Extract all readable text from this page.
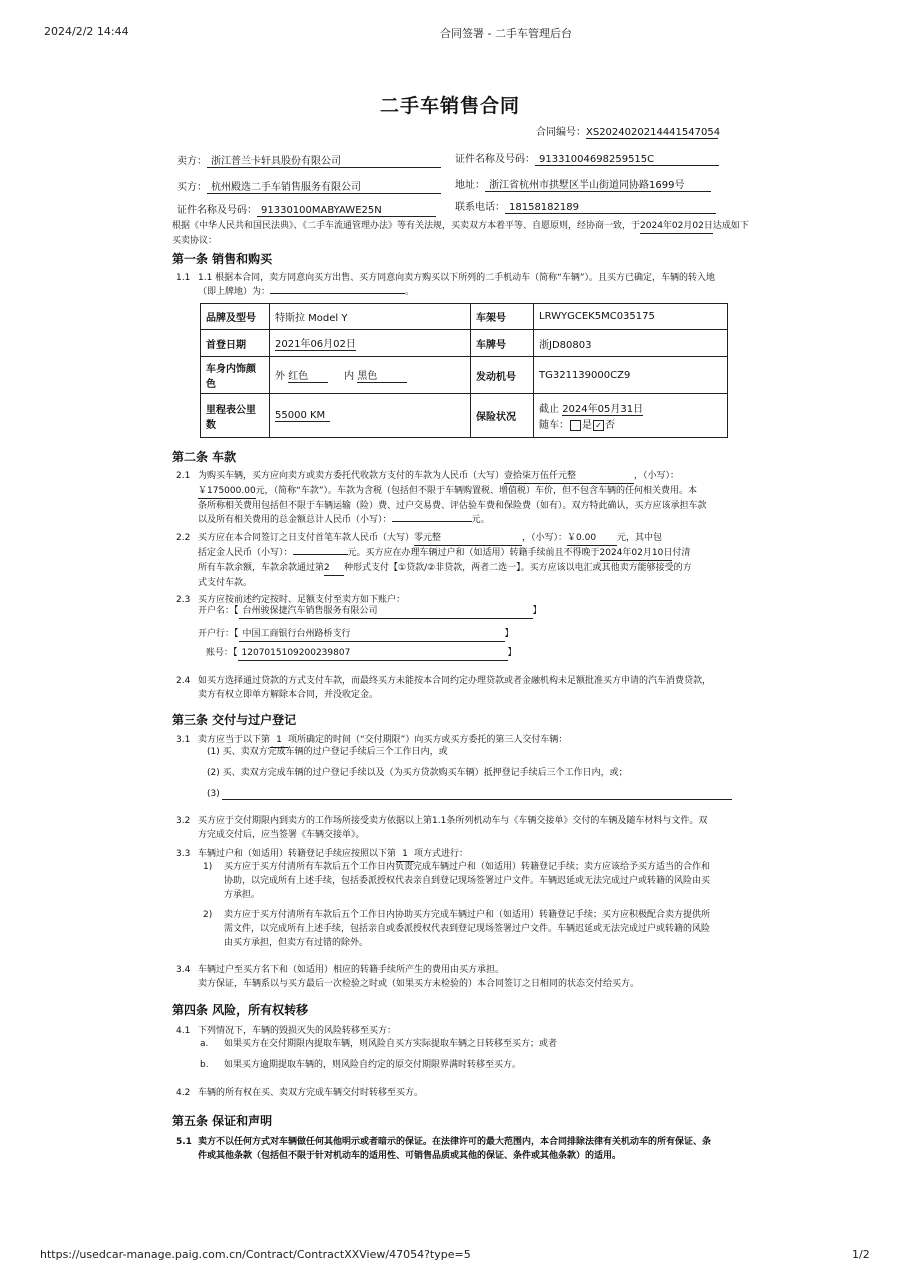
2024/2/2 14:44	合同签署 - 二手车管理后台
二手车销售合同
合同编号：XS2024020214441547054
卖方： 浙江普兰卡轩具股份有限公司	证件名称及号码： 91331004698259515C
买方： 杭州殿选二手车销售服务有限公司	地址： 浙江省杭州市拱墅区半山街道同协路1699号
证件名称及号码： 91330100MABYAWE25N	联系电话： 18158182189
根据《中华人民共和国民法典》、《二手车流通管理办法》等有关法规，买卖双方本着平等、自愿原则，经协商一致，于2024年02月02日达成如下买卖协议：
第一条 销售和购买
1.1 1.1 根据本合同，卖方同意向买方出售、买方同意向卖方购买以下所列的二手机动车（简称“车辆”）。且买方已确定，车辆的转入地（即上牌地）为：	。
品牌及型号	特斯拉 Model Y	车架号	LRWYGCEK5MC035175
首登日期	2021年06月02日	车牌号	浙JD80803
车身内饰颜色	外 红色 内 黑色	发动机号	TG321139000CZ9
里程表公里数	55000 KM	保险状况	截止 2024年05月31日
随车： 是 ✓ 否
第二条 车款
2.1 为购买车辆，买方应向卖方或卖方委托代收款方支付的车款为人民币（大写）壹拾柒万伍仟元整	，（小写）：
￥175000.00元，（简称“车款”）。车款为含税（包括但不限于车辆购置税、增值税）车价，但不包含车辆的任何相关费用。本
条所称相关费用包括但不限于车辆运输（险）费、过户交易费、评估验车费和保险费（如有）。双方特此确认，买方应该承担车款
以及所有相关费用的总金额总计人民币（小写）：	元。
2.2 买方应在本合同签订之日支付首笔车款人民币（大写）零元整	，（小写）：￥0.00 元，其中包
括定金人民币（小写）：	元。买方应在办理车辆过户和（如适用）转籍手续前且不得晚于2024年02月10日付清
所有车款余额，车款余款通过第2 种形式支付【①贷款/②非贷款，两者二选一】。买方应该以电汇或其他卖方能够接受的方
式支付车款。
2.3 买方应按前述约定按时、足额支付至卖方如下账户：
开户名：【 台州骏保捷汽车销售服务有限公司	】
开户行：【 中国工商银行台州路桥支行	】
账号：【 1207015109200239807	】
2.4 如买方选择通过贷款的方式支付车款，而最终买方未能按本合同约定办理贷款或者金融机构未足额批准买方申请的汽车消费贷款，
卖方有权立即单方解除本合同，并没收定金。
第三条 交付与过户登记
3.1 卖方应当于以下第 1 项所确定的时间（“交付期限”）向买方或买方委托的第三人交付车辆：
(1) 买、卖双方完成车辆的过户登记手续后三个工作日内，或
(2) 买、卖双方完成车辆的过户登记手续以及（为买方贷款购买车辆）抵押登记手续后三个工作日内，或；
(3)
3.2 买方应于交付期限内到卖方的工作场所接受卖方依据以上第1.1条所列机动车与《车辆交接单》交付的车辆及随车材料与文件。双
方完成交付后，应当签署《车辆交接单》。
3.3 车辆过户和（如适用）转籍登记手续应按照以下第 1 项方式进行：
1) 买方应于买方付清所有车款后五个工作日内负责完成车辆过户和（如适用）转籍登记手续；卖方应该给予买方适当的合作和
协助，以完成所有上述手续，包括委派授权代表亲自到登记现场签署过户文件。车辆迟延或无法完成过户或转籍的风险由买
方承担。
2) 卖方应于买方付清所有车款后五个工作日内协助买方完成车辆过户和（如适用）转籍登记手续；买方应积极配合卖方提供所
需文件，以完成所有上述手续，包括亲自或委派授权代表到登记现场签署过户文件。车辆迟延或无法完成过户或转籍的风险
由买方承担，但卖方有过错的除外。
3.4 车辆过户至买方名下和（如适用）相应的转籍手续所产生的费用由买方承担。
卖方保证，车辆系以与买方最后一次检验之时或（如果买方未检验的）本合同签订之日相同的状态交付给买方。
第四条 风险，所有权转移
4.1 下列情况下，车辆的毁损灭失的风险转移至买方：
a. 如果买方在交付期限内提取车辆，则风险自买方实际提取车辆之日转移至买方；或者
b. 如果买方逾期提取车辆的，则风险自约定的原交付期限界满时转移至买方。
4.2 车辆的所有权在买、卖双方完成车辆交付时转移至买方。
第五条 保证和声明
5.1 卖方不以任何方式对车辆做任何其他明示或者暗示的保证。在法律许可的最大范围内，本合同排除法律有关机动车的所有保证、条
件或其他条款（包括但不限于针对机动车的适用性、可销售品质或其他的保证、条件或其他条款）的适用。
https://usedcar-manage.paig.com.cn/Contract/ContractXXView/47054?type=5	1/2
